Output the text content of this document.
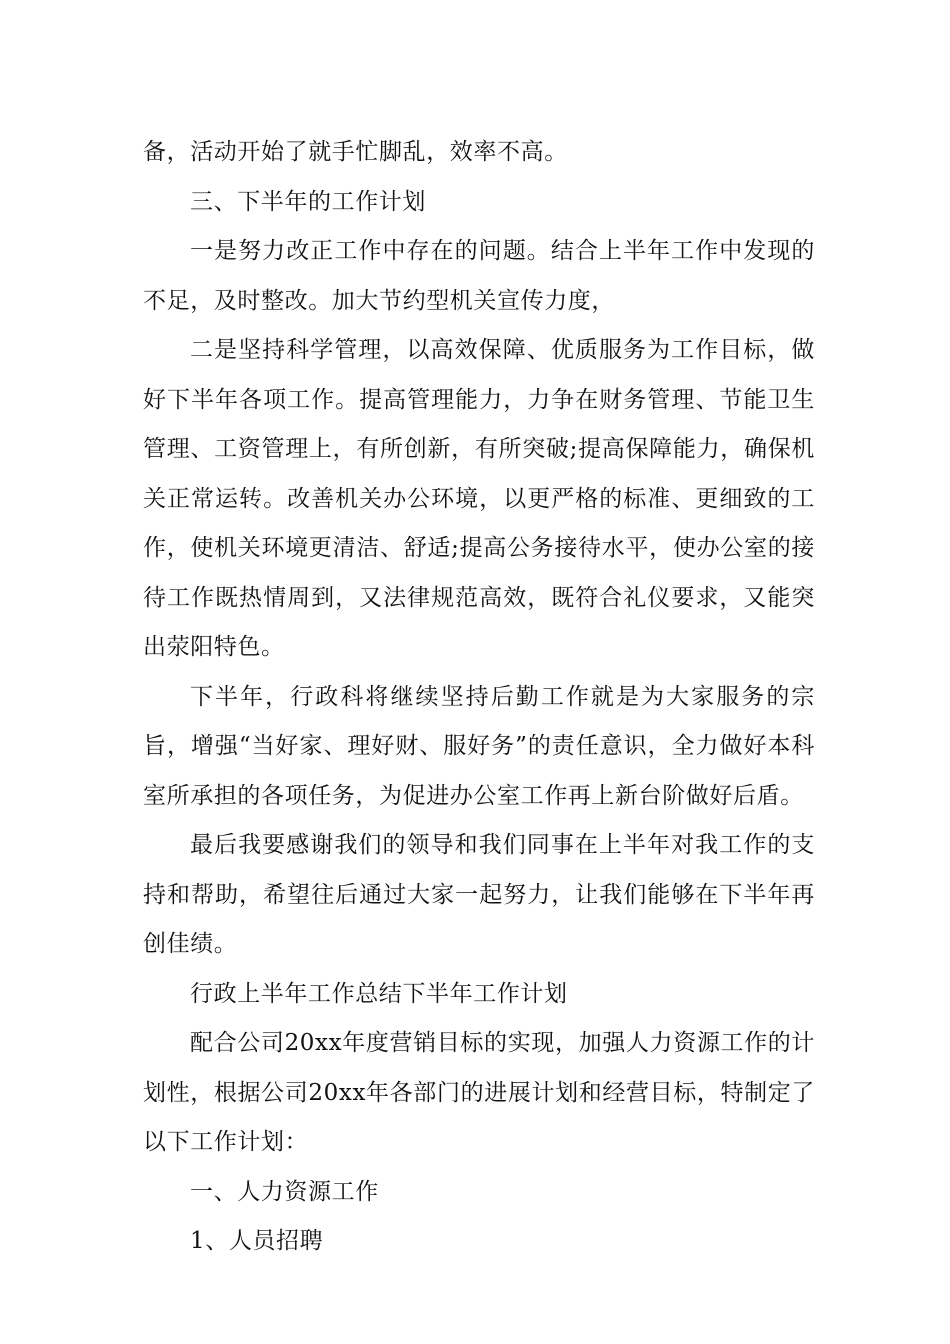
备，活动开始了就手忙脚乱，效率不高。

三、下半年的工作计划

一是努力改正工作中存在的问题。结合上半年工作中发现的不足，及时整改。加大节约型机关宣传力度，

二是坚持科学管理，以高效保障、优质服务为工作目标，做好下半年各项工作。提高管理能力，力争在财务管理、节能卫生管理、工资管理上，有所创新，有所突破;提高保障能力，确保机关正常运转。改善机关办公环境，以更严格的标准、更细致的工作，使机关环境更清洁、舒适;提高公务接待水平，使办公室的接待工作既热情周到，又法律规范高效，既符合礼仪要求，又能突出荥阳特色。

下半年，行政科将继续坚持后勤工作就是为大家服务的宗旨，增强“当好家、理好财、服好务”的责任意识，全力做好本科室所承担的各项任务，为促进办公室工作再上新台阶做好后盾。

最后我要感谢我们的领导和我们同事在上半年对我工作的支持和帮助，希望往后通过大家一起努力，让我们能够在下半年再创佳绩。

行政上半年工作总结下半年工作计划

配合公司20xx年度营销目标的实现，加强人力资源工作的计划性，根据公司20xx年各部门的进展计划和经营目标，特制定了以下工作计划：

一、人力资源工作

1、人员招聘
